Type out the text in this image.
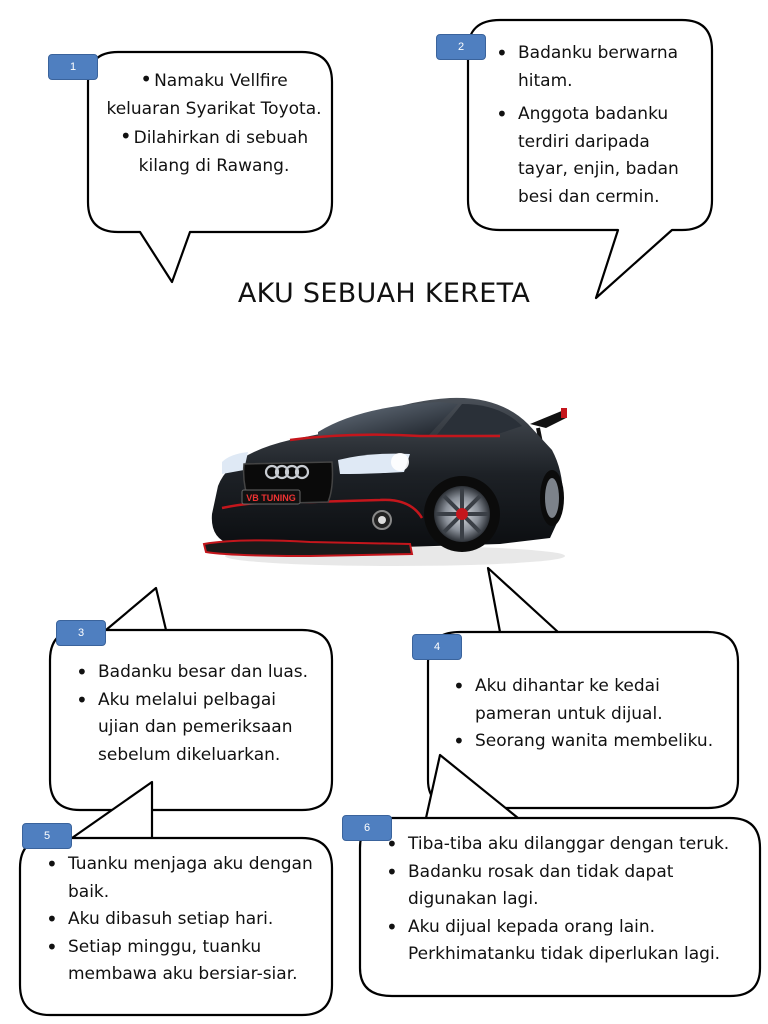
AKU SEBUAH KERETA
• Namaku Vellfire keluaran Syarikat Toyota.
• Dilahirkan di sebuah kilang di Rawang.
• Badanku berwarna hitam.
• Anggota badanku terdiri daripada tayar, enjin, badan besi dan cermin.
• Badanku besar dan luas.
• Aku melalui pelbagai ujian dan pemeriksaan sebelum dikeluarkan.
• Aku dihantar ke kedai pameran untuk dijual.
• Seorang wanita membeliku.
• Tuanku menjaga aku dengan baik.
• Aku dibasuh setiap hari.
• Setiap minggu, tuanku membawa aku bersiar-siar.
• Tiba-tiba aku dilanggar dengan teruk.
• Badanku rosak dan tidak dapat digunakan lagi.
• Aku dijual kepada orang lain. Perkhimatanku tidak diperlukan lagi.
1
2
3
4
5
6
VB TUNING
